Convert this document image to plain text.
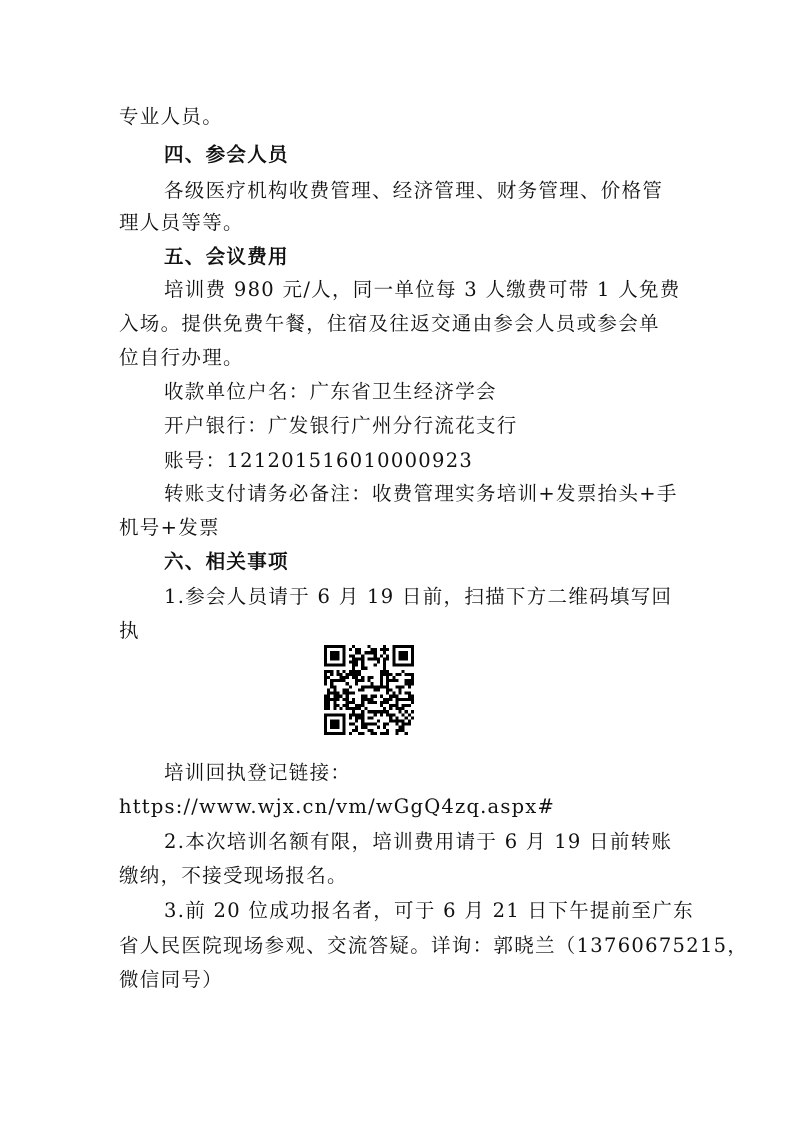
专业人员。
四、参会人员
各级医疗机构收费管理、经济管理、财务管理、价格管
理人员等等。
五、会议费用
培训费 980 元/人，同一单位每 3 人缴费可带 1 人免费
入场。提供免费午餐，住宿及往返交通由参会人员或参会单
位自行办理。
收款单位户名：广东省卫生经济学会
开户银行：广发银行广州分行流花支行
账号：121201516010000923
转账支付请务必备注：收费管理实务培训+发票抬头+手
机号+发票
六、相关事项
1.参会人员请于 6 月 19 日前，扫描下方二维码填写回
执
培训回执登记链接：
https://www.wjx.cn/vm/wGgQ4zq.aspx#
2.本次培训名额有限，培训费用请于 6 月 19 日前转账
缴纳，不接受现场报名。
3.前 20 位成功报名者，可于 6 月 21 日下午提前至广东
省人民医院现场参观、交流答疑。详询：郭晓兰（13760675215，
微信同号）
